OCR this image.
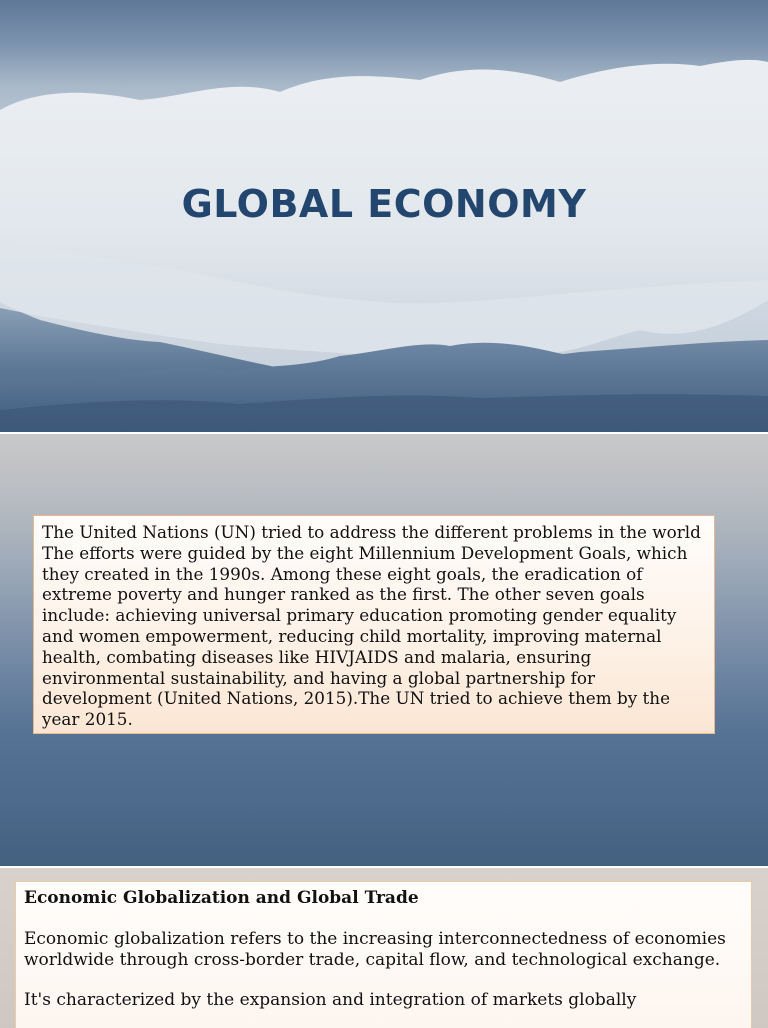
GLOBAL ECONOMY
The United Nations (UN) tried to address the different problems in the world The efforts were guided by the eight Millennium Development Goals, which they created in the 1990s. Among these eight goals, the eradication of extreme poverty and hunger ranked as the first. The other seven goals include: achieving universal primary education promoting gender equality and women empowerment, reducing child mortality, improving maternal health, combating diseases like HIVJAIDS and malaria, ensuring environmental sustainability, and having a global partnership for development (United Nations, 2015).The UN tried to achieve them by the year 2015.
Economic Globalization and Global Trade

Economic globalization refers to the increasing interconnectedness of economies worldwide through cross-border trade, capital flow, and technological exchange.

It's characterized by the expansion and integration of markets globally
